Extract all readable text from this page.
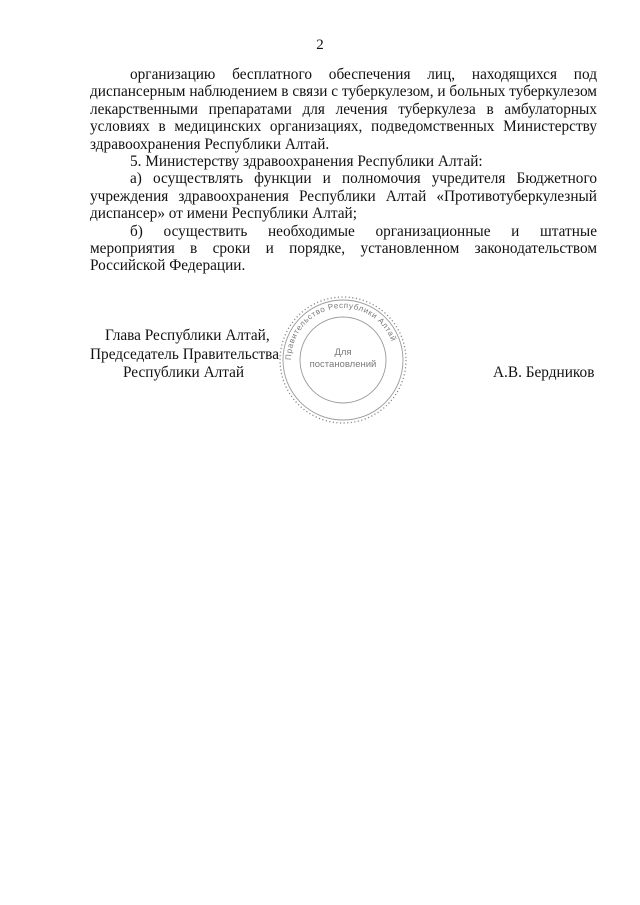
2

организацию бесплатного обеспечения лиц, находящихся под диспансерным наблюдением в связи с туберкулезом, и больных туберкулезом лекарственными препаратами для лечения туберкулеза в амбулаторных условиях в медицинских организациях, подведомственных Министерству здравоохранения Республики Алтай.

5. Министерству здравоохранения Республики Алтай:

а) осуществлять функции и полномочия учредителя Бюджетного учреждения здравоохранения Республики Алтай «Противотуберкулезный диспансер» от имени Республики Алтай;

б) осуществить необходимые организационные и штатные мероприятия в сроки и порядке, установленном законодательством Российской Федерации.

Глава Республики Алтай,
Председатель Правительства
Республики Алтай
Правительство Республики Алтай
Для
постановлений	А.В. Бердников
